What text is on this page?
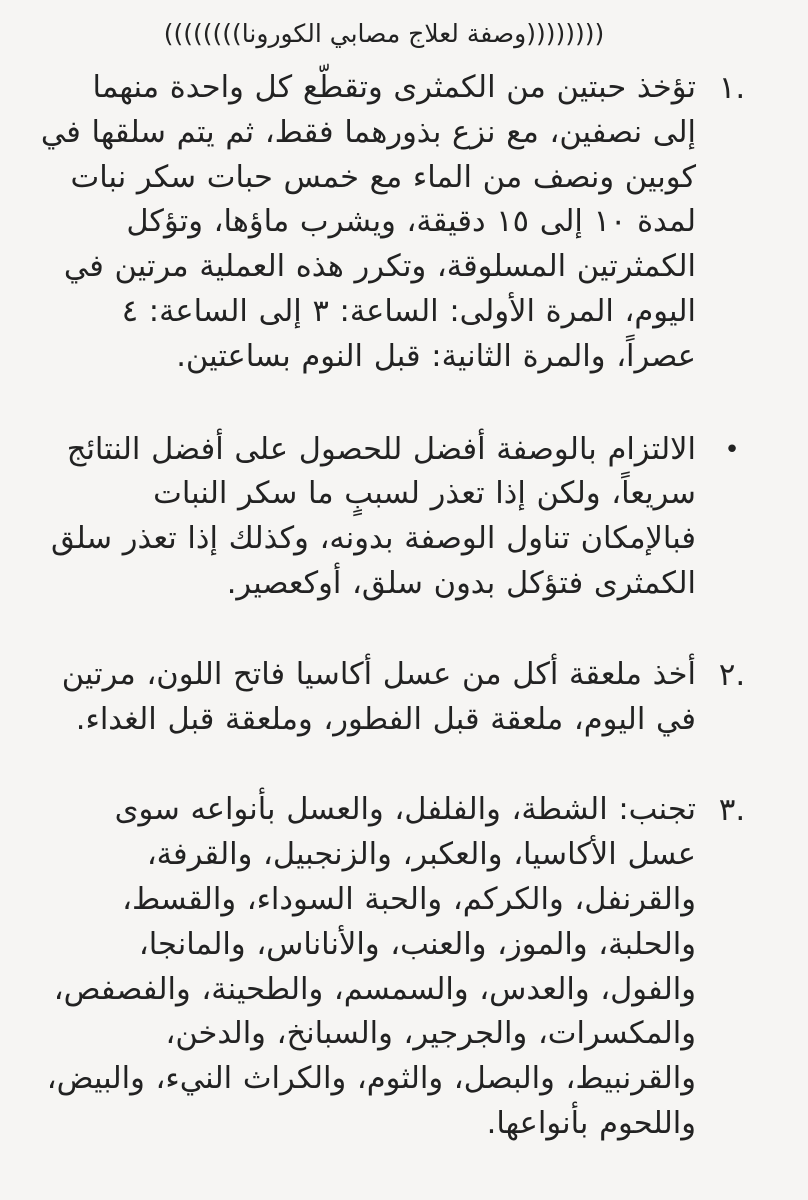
((((((((وصفة لعلاج مصابي الكورونا))))))))
١.
تؤخذ حبتين من الكمثرى وتقطّع كل واحدة منهما إلى نصفين، مع نزع بذورهما فقط، ثم يتم سلقها في كوبين ونصف من الماء مع خمس حبات سكر نبات لمدة ١٠ إلى ١٥ دقيقة، ويشرب ماؤها، وتؤكل الكمثرتين المسلوقة، وتكرر هذه العملية مرتين في اليوم، المرة الأولى: الساعة: ٣ إلى الساعة: ٤ عصراً، والمرة الثانية: قبل النوم بساعتين.
•
الالتزام بالوصفة أفضل للحصول على أفضل النتائج سريعاً، ولكن إذا تعذر لسببٍ ما سكر النبات فبالإمكان تناول الوصفة بدونه، وكذلك إذا تعذر سلق الكمثرى فتؤكل بدون سلق، أوكعصير.
٢.
أخذ ملعقة أكل من عسل أكاسيا فاتح اللون، مرتين في اليوم، ملعقة قبل الفطور، وملعقة قبل الغداء.
٣.
تجنب: الشطة، والفلفل، والعسل بأنواعه سوى عسل الأكاسيا، والعكبر، والزنجبيل، والقرفة، والقرنفل، والكركم، والحبة السوداء، والقسط، والحلبة، والموز، والعنب، والأناناس، والمانجا، والفول، والعدس، والسمسم، والطحينة، والفصفص، والمكسرات، والجرجير، والسبانخ، والدخن، والقرنبيط، والبصل، والثوم، والكراث النيء، والبيض، واللحوم بأنواعها.
